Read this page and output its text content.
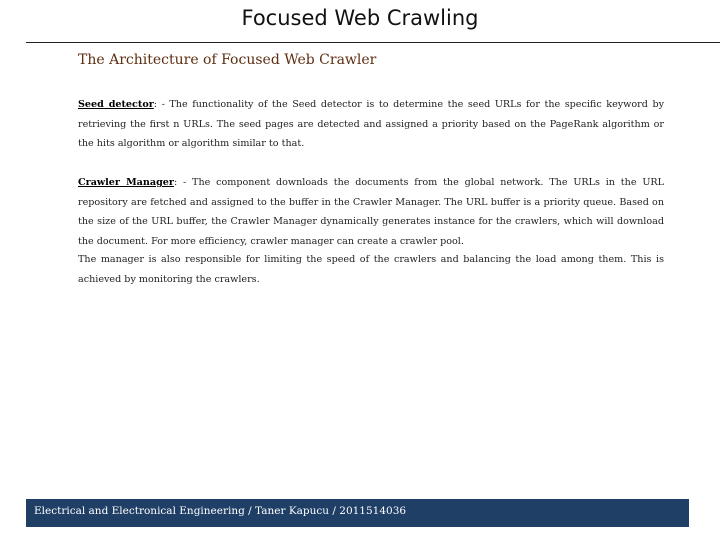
Focused Web Crawling
The Architecture of Focused Web Crawler
Seed detector: - The functionality of the Seed detector is to determine the seed URLs for the specific keyword by retrieving the first n URLs. The seed pages are detected and assigned a priority based on the PageRank algorithm or the hits algorithm or algorithm similar to that.
Crawler Manager: - The component downloads the documents from the global network. The URLs in the URL repository are fetched and assigned to the buffer in the Crawler Manager. The URL buffer is a priority queue. Based on the size of the URL buffer, the Crawler Manager dynamically generates instance for the crawlers, which will download the document. For more efficiency, crawler manager can create a crawler pool.
The manager is also responsible for limiting the speed of the crawlers and balancing the load among them. This is achieved by monitoring the crawlers.
Electrical and Electronical Engineering / Taner Kapucu / 2011514036
